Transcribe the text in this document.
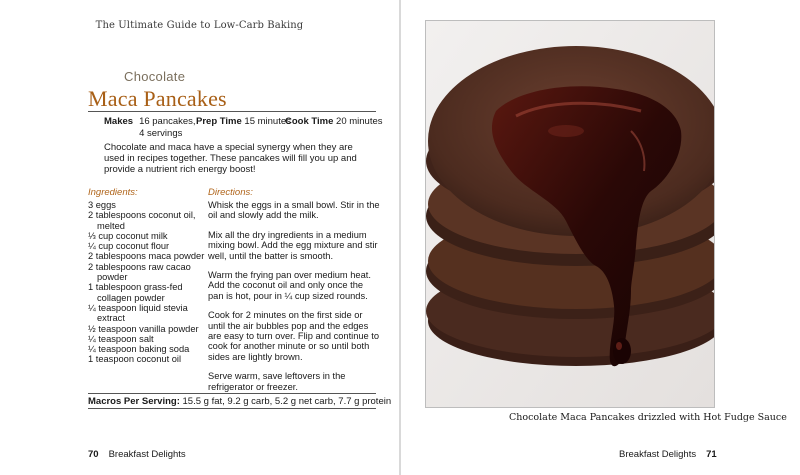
The Ultimate Guide to Low-Carb Baking
Chocolate
Maca Pancakes
Makes 16 pancakes,
4 servings
Prep Time 15 minutes
Cook Time 20 minutes
Chocolate and maca have a special synergy when they are used in recipes together. These pancakes will fill you up and provide a nutrient rich energy boost!
Ingredients:	Directions:
3 eggs
2 tablespoons coconut oil, melted
⅓ cup coconut milk
¼ cup coconut flour
2 tablespoons maca powder
2 tablespoons raw cacao powder
1 tablespoon grass-fed collagen powder
¼ teaspoon liquid stevia extract
½ teaspoon vanilla powder
¼ teaspoon salt
¼ teaspoon baking soda
1 teaspoon coconut oil

Whisk the eggs in a small bowl. Stir in the oil and slowly add the milk.

Mix all the dry ingredients in a medium mixing bowl. Add the egg mixture and stir well, until the batter is smooth.

Warm the frying pan over medium heat. Add the coconut oil and only once the pan is hot, pour in ¼ cup sized rounds.

Cook for 2 minutes on the first side or until the air bubbles pop and the edges are easy to turn over. Flip and continue to cook for another minute or so until both sides are lightly brown.

Serve warm, save leftovers in the refrigerator or freezer.

Macros Per Serving: 15.5 g fat, 9.2 g carb, 5.2 g net carb, 7.7 g protein
70 Breakfast Delights
Chocolate Maca Pancakes drizzled with Hot Fudge Sauce
Breakfast Delights 71
